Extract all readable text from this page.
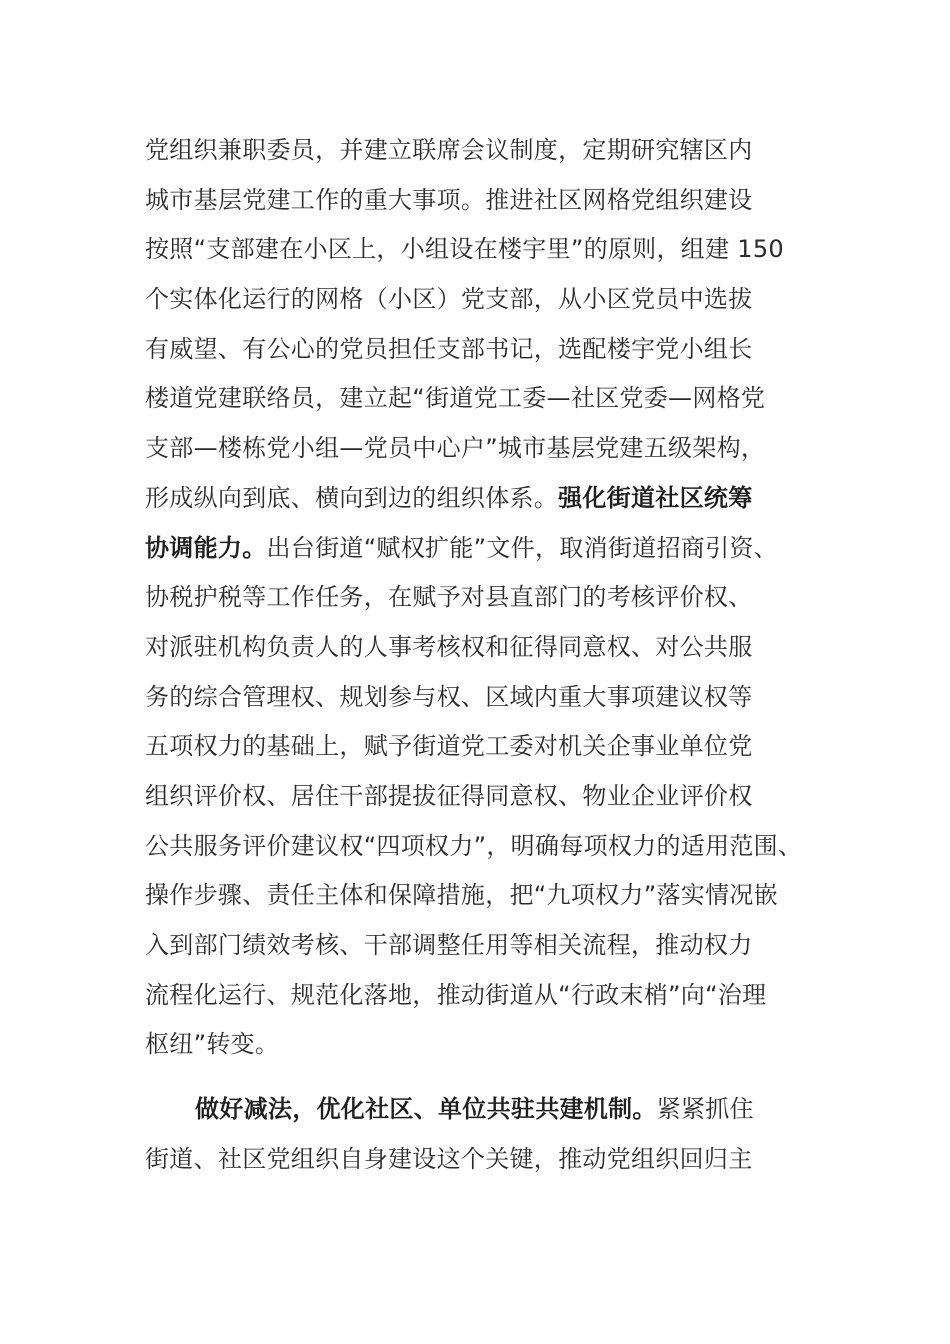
党组织兼职委员，并建立联席会议制度，定期研究辖区内
城市基层党建工作的重大事项。推进社区网格党组织建设
按照“支部建在小区上，小组设在楼宇里”的原则，组建 150
个实体化运行的网格（小区）党支部，从小区党员中选拔
有威望、有公心的党员担任支部书记，选配楼宇党小组长
楼道党建联络员，建立起“街道党工委—社区党委—网格党
支部—楼栋党小组—党员中心户”城市基层党建五级架构，
形成纵向到底、横向到边的组织体系。强化街道社区统筹
协调能力。出台街道“赋权扩能”文件，取消街道招商引资、
协税护税等工作任务，在赋予对县直部门的考核评价权、
对派驻机构负责人的人事考核权和征得同意权、对公共服
务的综合管理权、规划参与权、区域内重大事项建议权等
五项权力的基础上，赋予街道党工委对机关企事业单位党
组织评价权、居住干部提拔征得同意权、物业企业评价权
公共服务评价建议权“四项权力”，明确每项权力的适用范围、
操作步骤、责任主体和保障措施，把“九项权力”落实情况嵌
入到部门绩效考核、干部调整任用等相关流程，推动权力
流程化运行、规范化落地，推动街道从“行政末梢”向“治理
枢纽”转变。
做好减法，优化社区、单位共驻共建机制。紧紧抓住
街道、社区党组织自身建设这个关键，推动党组织回归主
